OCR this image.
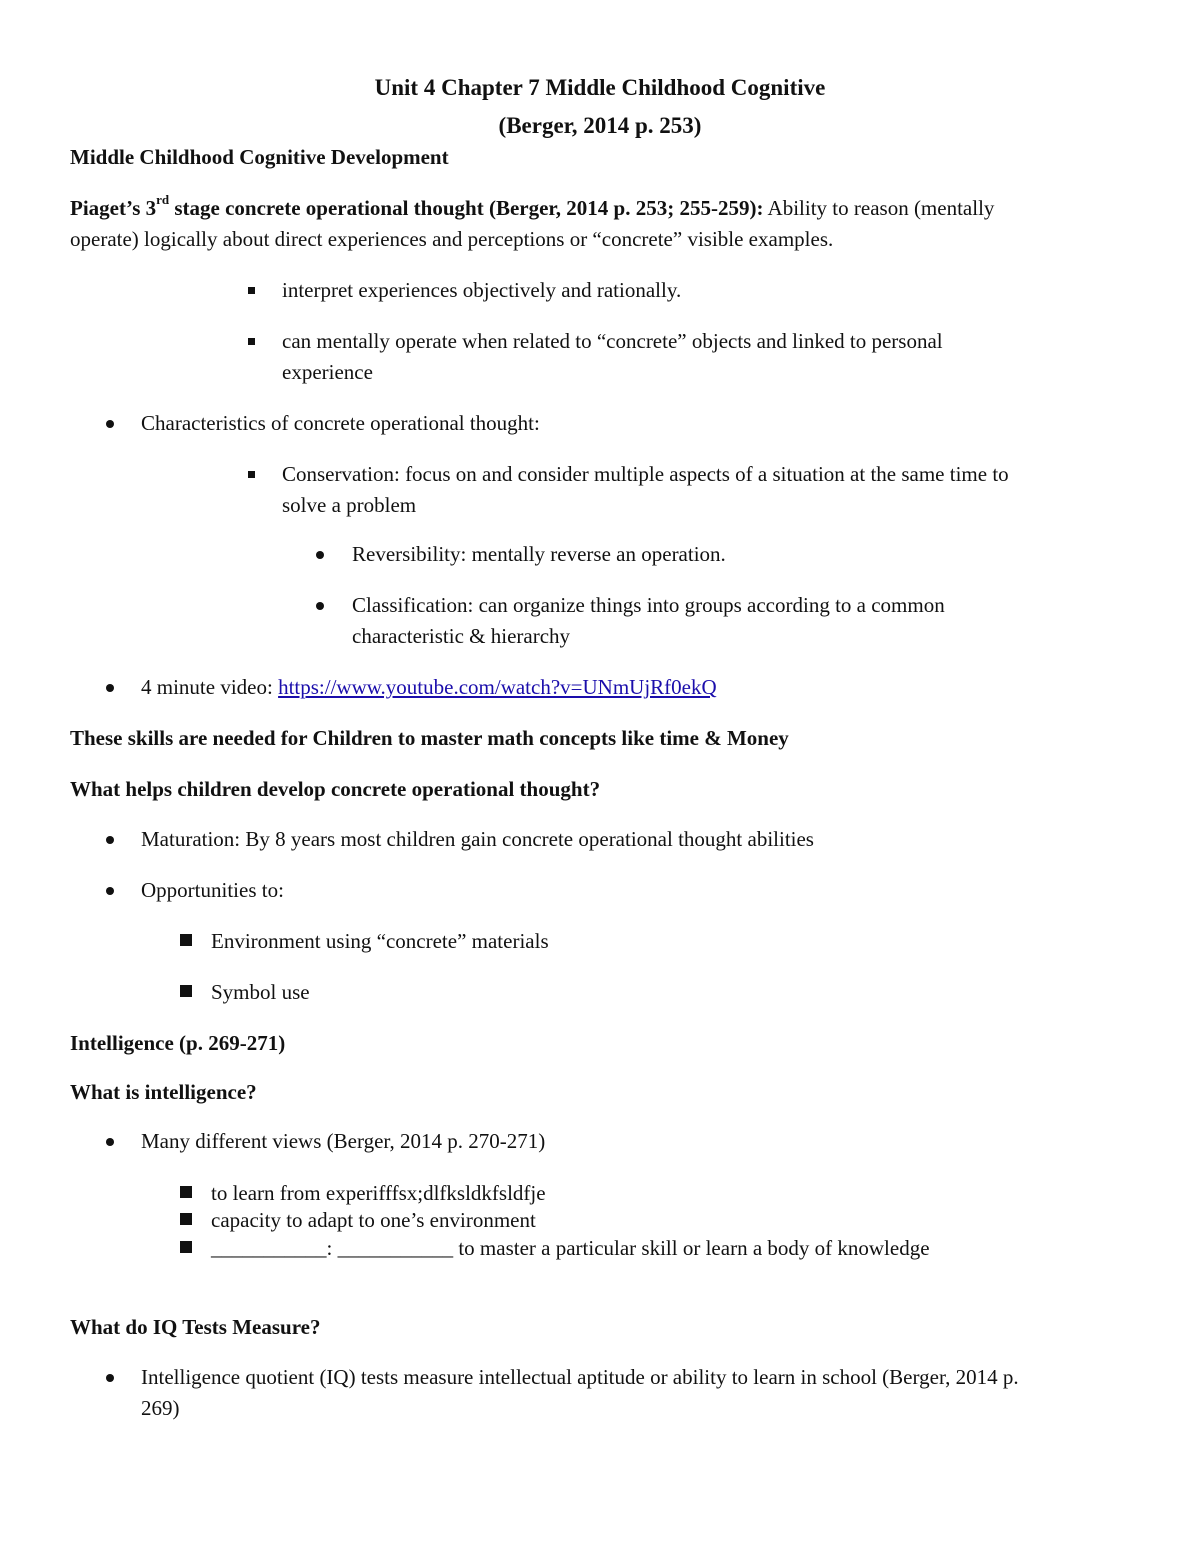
Unit 4 Chapter 7 Middle Childhood Cognitive
(Berger, 2014 p. 253)
Middle Childhood Cognitive Development
Piaget’s 3rd stage concrete operational thought (Berger, 2014 p. 253; 255-259): Ability to reason (mentally
operate) logically about direct experiences and perceptions or “concrete” visible examples.
interpret experiences objectively and rationally.
can mentally operate when related to “concrete” objects and linked to personal
experience
Characteristics of concrete operational thought:
Conservation: focus on and consider multiple aspects of a situation at the same time to
solve a problem
Reversibility: mentally reverse an operation.
Classification: can organize things into groups according to a common
characteristic & hierarchy
4 minute video: https://www.youtube.com/watch?v=UNmUjRf0ekQ
These skills are needed for Children to master math concepts like time & Money
What helps children develop concrete operational thought?
Maturation: By 8 years most children gain concrete operational thought abilities
Opportunities to:
Environment using “concrete” materials
Symbol use
Intelligence (p. 269-271)
What is intelligence?
Many different views (Berger, 2014 p. 270-271)
to learn from experifffsx;dlfksldkfsldfje
capacity to adapt to one’s environment
___________: ___________ to master a particular skill or learn a body of knowledge
What do IQ Tests Measure?
Intelligence quotient (IQ) tests measure intellectual aptitude or ability to learn in school (Berger, 2014 p.
269)
